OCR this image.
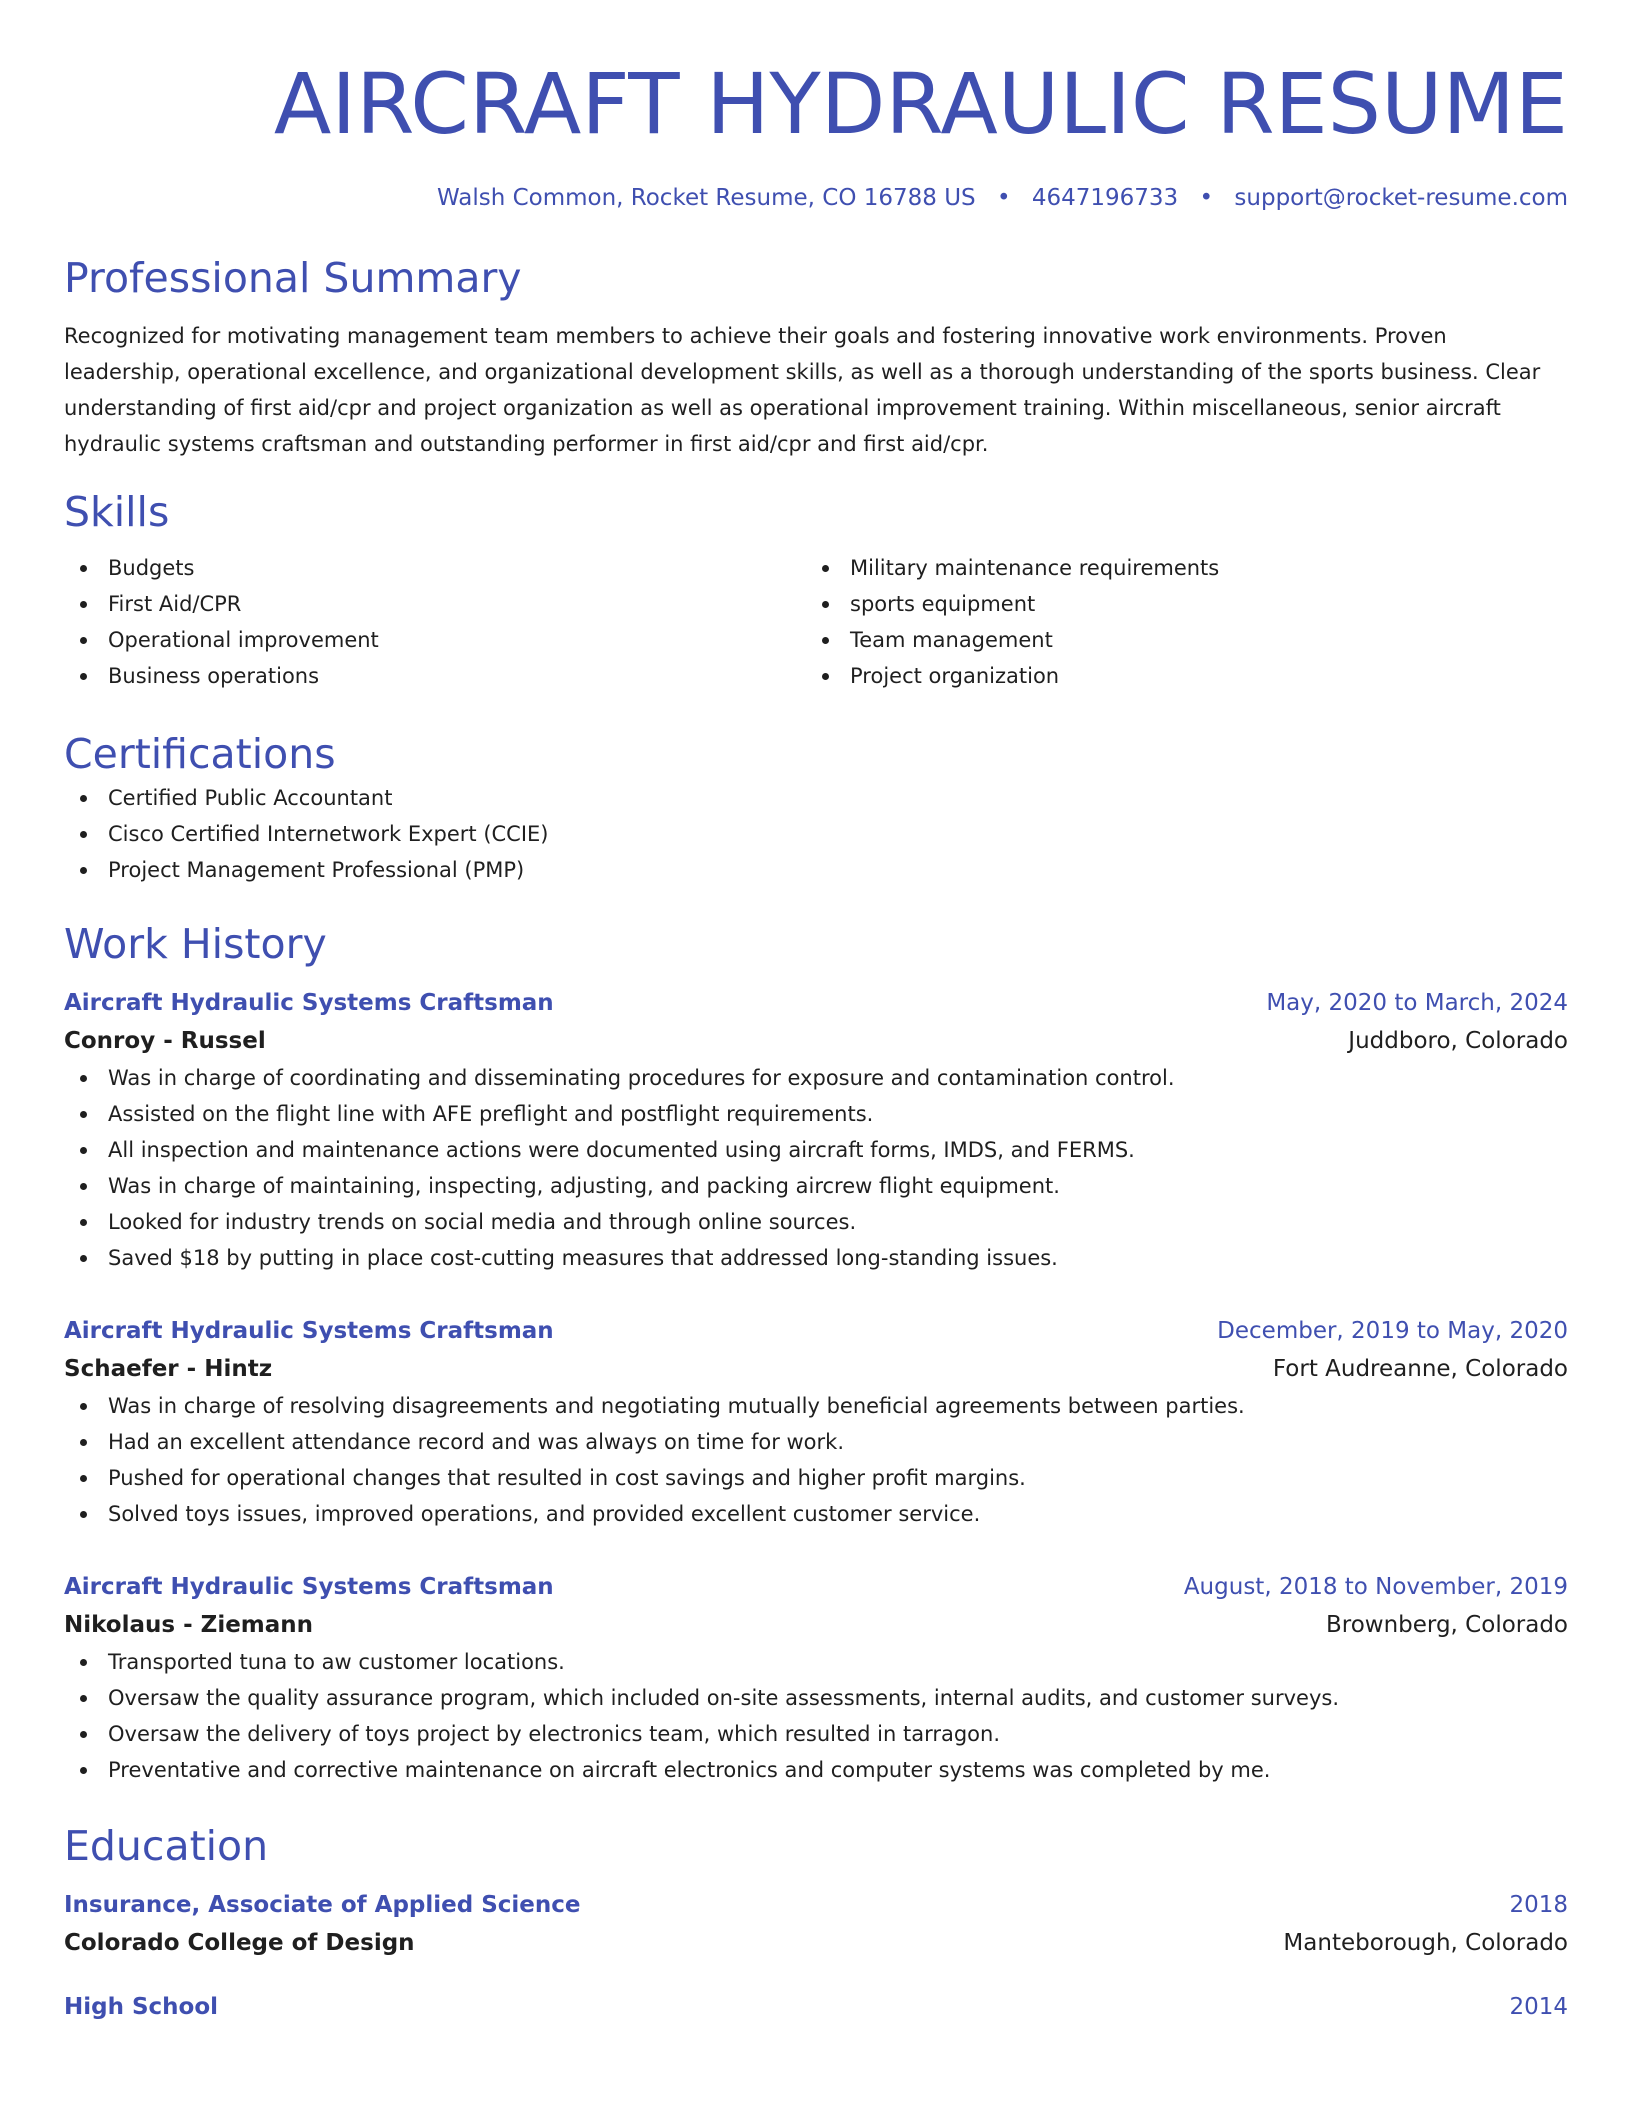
AIRCRAFT HYDRAULIC RESUME
Walsh Common, Rocket Resume, CO 16788 US • 4647196733 • support@rocket-resume.com
Professional Summary

Recognized for motivating management team members to achieve their goals and fostering innovative work environments. Proven leadership, operational excellence, and organizational development skills, as well as a thorough understanding of the sports business. Clear understanding of first aid/cpr and project organization as well as operational improvement training. Within miscellaneous, senior aircraft hydraulic systems craftsman and outstanding performer in first aid/cpr and first aid/cpr.

Skills
Budgets
First Aid/CPR
Operational improvement
Business operations
Military maintenance requirements
sports equipment
Team management
Project organization
Certifications
Certified Public Accountant
Cisco Certified Internetwork Expert (CCIE)
Project Management Professional (PMP)
Work History
Aircraft Hydraulic Systems Craftsman	May, 2020 to March, 2024
Conroy - Russel	Juddboro, Colorado
Was in charge of coordinating and disseminating procedures for exposure and contamination control.
Assisted on the flight line with AFE preflight and postflight requirements.
All inspection and maintenance actions were documented using aircraft forms, IMDS, and FERMS.
Was in charge of maintaining, inspecting, adjusting, and packing aircrew flight equipment.
Looked for industry trends on social media and through online sources.
Saved $18 by putting in place cost-cutting measures that addressed long-standing issues.
Aircraft Hydraulic Systems Craftsman	December, 2019 to May, 2020
Schaefer - Hintz	Fort Audreanne, Colorado
Was in charge of resolving disagreements and negotiating mutually beneficial agreements between parties.
Had an excellent attendance record and was always on time for work.
Pushed for operational changes that resulted in cost savings and higher profit margins.
Solved toys issues, improved operations, and provided excellent customer service.
Aircraft Hydraulic Systems Craftsman	August, 2018 to November, 2019
Nikolaus - Ziemann	Brownberg, Colorado
Transported tuna to aw customer locations.
Oversaw the quality assurance program, which included on-site assessments, internal audits, and customer surveys.
Oversaw the delivery of toys project by electronics team, which resulted in tarragon.
Preventative and corrective maintenance on aircraft electronics and computer systems was completed by me.
Education
Insurance, Associate of Applied Science	2018
Colorado College of Design	Manteborough, Colorado
High School	2014
